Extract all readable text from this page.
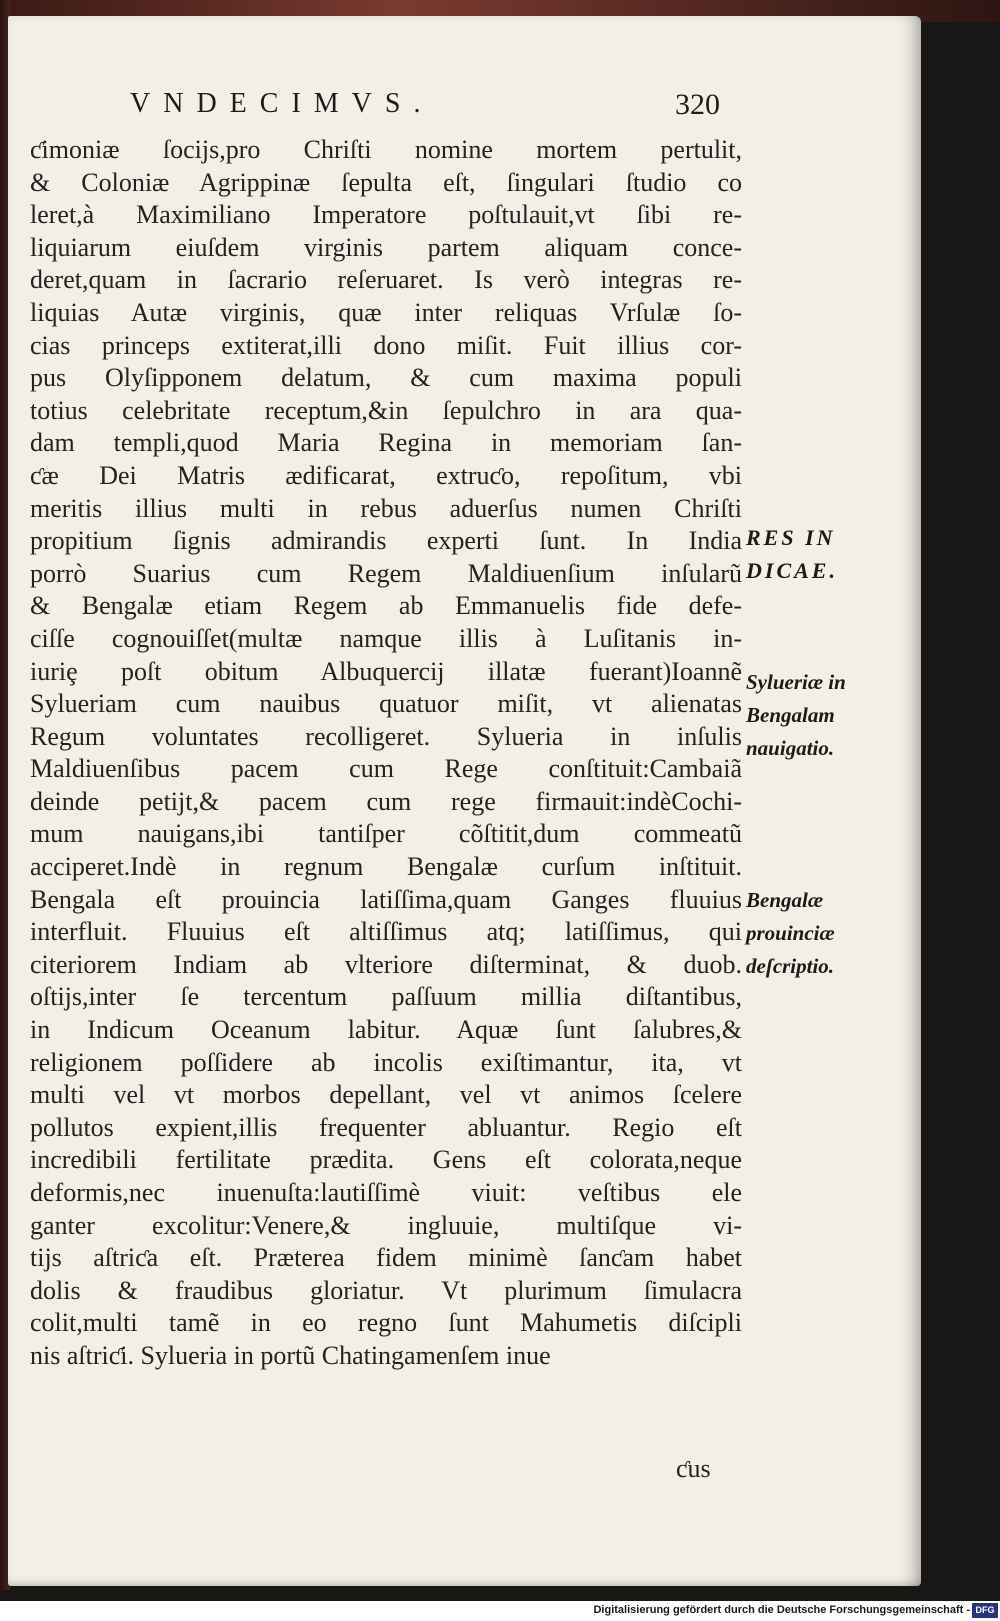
VNDECIMVS.	320
ƈimoniæ ſocijs,pro Chriſti nomine mortem pertulit,
& Coloniæ Agrippinæ ſepulta eſt, ſingulari ſtudio co
leret,à Maximiliano Imperatore poſtulauit,vt ſibi re-
liquiarum eiuſdem virginis partem aliquam conce-
deret,quam in ſacrario reſeruaret. Is verò integras re-
liquias Autæ virginis, quæ inter reliquas Vrſulæ ſo-
cias princeps extiterat,illi dono miſit. Fuit illius cor-
pus Olyſipponem delatum, & cum maxima populi
totius celebritate receptum,&in ſepulchro in ara qua-
dam templi,quod Maria Regina in memoriam ſan-
ƈæ Dei Matris ædificarat, extruƈo, repoſitum, vbi
meritis illius multi in rebus aduerſus numen Chriſti
propitium ſignis admirandis experti ſunt. In India
porrò Suarius cum Regem Maldiuenſium inſularũ
& Bengalæ etiam Regem ab Emmanuelis fide defe-
ciſſe cognouiſſet(multæ namque illis à Luſitanis in-
iuriȩ poſt obitum Albuquercij illatæ fuerant)Ioannẽ
Syluerіam cum nauibus quatuor miſit, vt alienatas
Regum voluntates recolligeret. Sylueria in inſulis
Maldiuenſibus pacem cum Rege conſtituit:Cambaiã
deinde petijt,& pacem cum rege firmauit:indèCochi-
mum nauigans,ibi tantiſper cõſtitit,dum commeatũ
acciperet.Indè in regnum Bengalæ curſum inſtituit.
Bengala eſt prouincia latiſſima,quam Ganges fluuius
interfluit. Fluuius eſt altiſſimus atq; latiſſimus, qui
citeriorem Indiam ab vlteriore diſterminat, & duob.
oſtijs,inter ſe tercentum paſſuum millia diſtantibus,
in Indicum Oceanum labitur. Aquæ ſunt ſalubres,&
religionem poſſidere ab incolis exiſtimantur, ita, vt
multi vel vt morbos depellant, vel vt animos ſcelere
pollutos expient,illis frequenter abluantur. Regio eſt
incredibili fertilitate prædita. Gens eſt colorata,neque
deformis,nec inuenuſta:lautiſſimè viuit: veſtibus ele
ganter excolitur:Venere,& ingluuie, multiſque vi-
tijs aſtriƈa eſt. Præterea fidem minimè ſanƈam habet
dolis & fraudibus gloriatur. Vt plurimum ſimulacra
colit,multi tamẽ in eo regno ſunt Mahumetis diſcipli
nis aſtriƈi. Sylueria in portũ Chatingamenſem inue
ƈus
RES IN
DICAE.
Syluerіæ in
Bengalam
nauigatio.
Bengalæ
prouinciæ
deſcriptio.
Digitalisierung gefördert durch die Deutsche Forschungsgemeinschaft - DFG
